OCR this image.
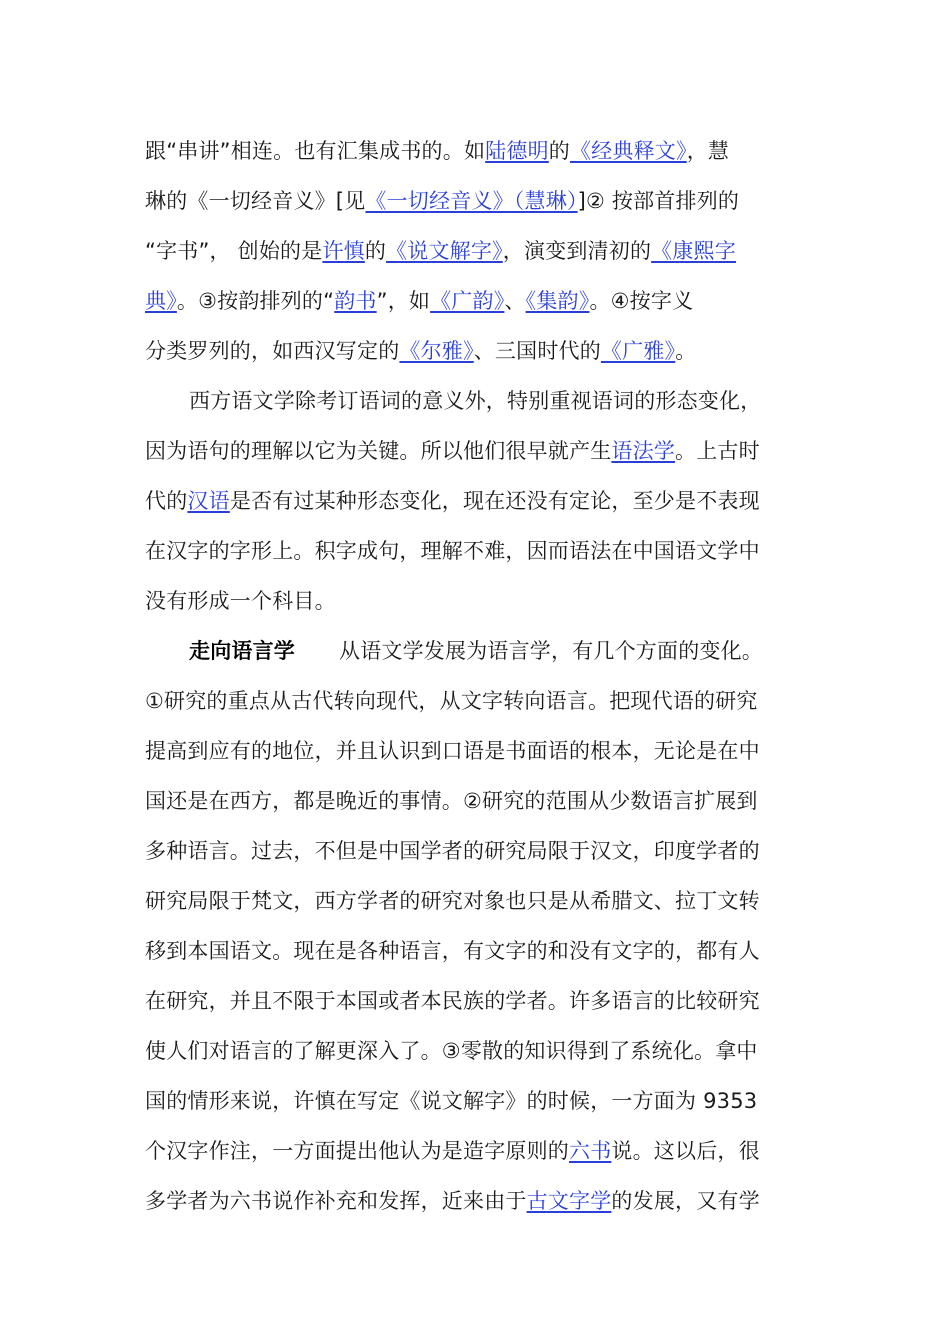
跟“串讲”相连。也有汇集成书的。如陆德明的《经典释文》，慧
琳的《一切经音义》[见《一切经音义》（慧琳）]② 按部首排列的
“字书”， 创始的是许慎的《说文解字》，演变到清初的《康熙字
典》。③按韵排列的“韵书”，如《广韵》、《集韵》。④按字义
分类罗列的，如西汉写定的《尔雅》、三国时代的《广雅》。
西方语文学除考订语词的意义外，特别重视语词的形态变化，
因为语句的理解以它为关键。所以他们很早就产生语法学。上古时
代的汉语是否有过某种形态变化，现在还没有定论，至少是不表现
在汉字的字形上。积字成句，理解不难，因而语法在中国语文学中
没有形成一个科目。
走向语言学 从语文学发展为语言学，有几个方面的变化。
①研究的重点从古代转向现代，从文字转向语言。把现代语的研究
提高到应有的地位，并且认识到口语是书面语的根本，无论是在中
国还是在西方，都是晚近的事情。②研究的范围从少数语言扩展到
多种语言。过去，不但是中国学者的研究局限于汉文，印度学者的
研究局限于梵文，西方学者的研究对象也只是从希腊文、拉丁文转
移到本国语文。现在是各种语言，有文字的和没有文字的，都有人
在研究，并且不限于本国或者本民族的学者。许多语言的比较研究
使人们对语言的了解更深入了。③零散的知识得到了系统化。拿中
国的情形来说，许慎在写定《说文解字》的时候，一方面为 9353
个汉字作注，一方面提出他认为是造字原则的六书说。这以后，很
多学者为六书说作补充和发挥，近来由于古文字学的发展，又有学
